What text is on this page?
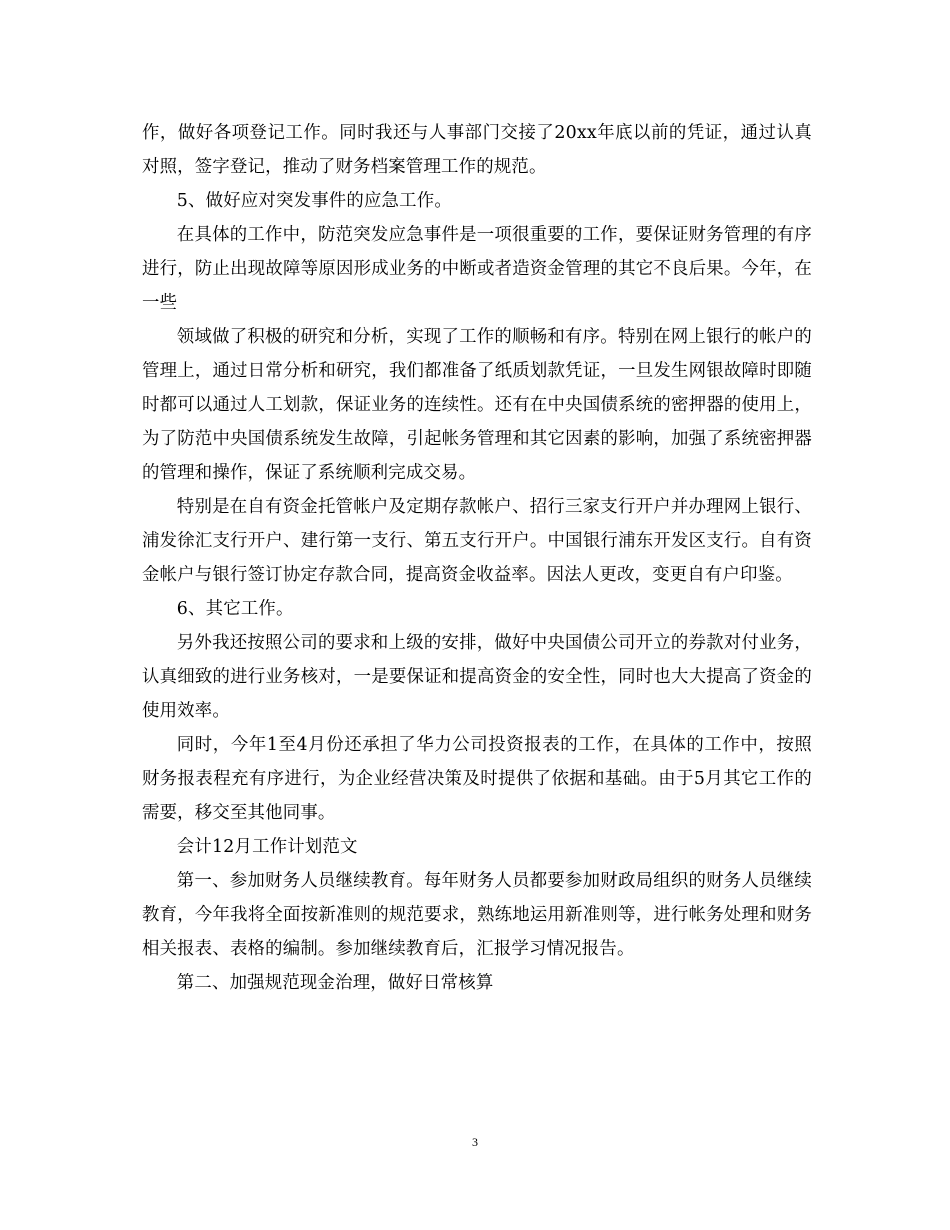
作，做好各项登记工作。同时我还与人事部门交接了20xx年底以前的凭证，通过认真对照，签字登记，推动了财务档案管理工作的规范。

5、做好应对突发事件的应急工作。

在具体的工作中，防范突发应急事件是一项很重要的工作，要保证财务管理的有序进行，防止出现故障等原因形成业务的中断或者造资金管理的其它不良后果。今年，在一些

领域做了积极的研究和分析，实现了工作的顺畅和有序。特别在网上银行的帐户的管理上，通过日常分析和研究，我们都准备了纸质划款凭证，一旦发生网银故障时即随时都可以通过人工划款，保证业务的连续性。还有在中央国债系统的密押器的使用上，为了防范中央国债系统发生故障，引起帐务管理和其它因素的影响，加强了系统密押器的管理和操作，保证了系统顺利完成交易。

特别是在自有资金托管帐户及定期存款帐户、招行三家支行开户并办理网上银行、浦发徐汇支行开户、建行第一支行、第五支行开户。中国银行浦东开发区支行。自有资金帐户与银行签订协定存款合同，提高资金收益率。因法人更改，变更自有户印鉴。

6、其它工作。

另外我还按照公司的要求和上级的安排，做好中央国债公司开立的券款对付业务，认真细致的进行业务核对，一是要保证和提高资金的安全性，同时也大大提高了资金的使用效率。

同时，今年1至4月份还承担了华力公司投资报表的工作，在具体的工作中，按照财务报表程充有序进行，为企业经营决策及时提供了依据和基础。由于5月其它工作的需要，移交至其他同事。

会计12月工作计划范文

第一、参加财务人员继续教育。每年财务人员都要参加财政局组织的财务人员继续教育，今年我将全面按新准则的规范要求，熟练地运用新准则等，进行帐务处理和财务相关报表、表格的编制。参加继续教育后，汇报学习情况报告。

第二、加强规范现金治理，做好日常核算

3
